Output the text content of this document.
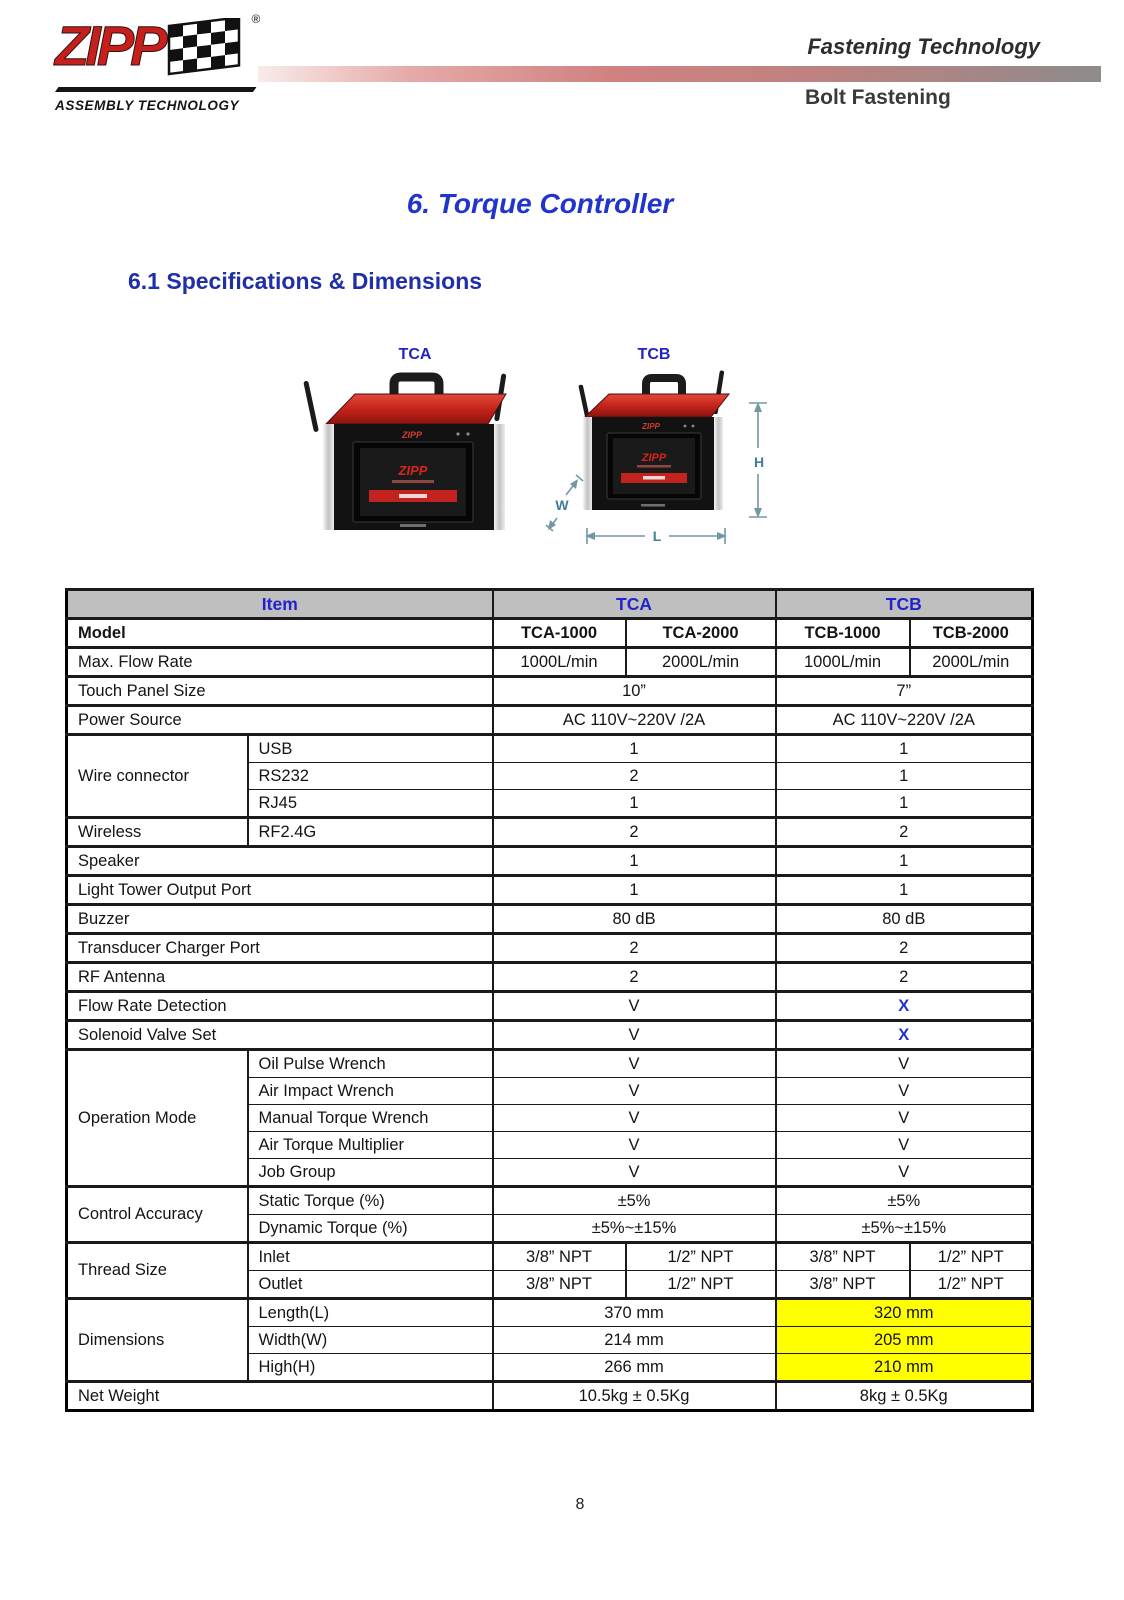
ZIPP	®
ASSEMBLY TECHNOLOGY
Fastening Technology
Bolt Fastening
6. Torque Controller
6.1 Specifications & Dimensions
TCA	TCB
ZIPP
ZIPP
ZIPP
ZIPP	H
W
L
Item		TCA		TCB	
Model		TCA-1000	TCA-2000	TCB-1000	TCB-2000
Max. Flow Rate		1000L/min	2000L/min	1000L/min	2000L/min
Touch Panel Size		10”		7”	
Power Source		AC 110V~220V /2A		AC 110V~220V /2A	
Wire connector	USB	1		1	
	RS232	2		1	
	RJ45	1		1	
Wireless	RF2.4G	2		2	
Speaker		1		1	
Light Tower Output Port		1		1	
Buzzer		80 dB		80 dB	
Transducer Charger Port		2		2	
RF Antenna		2		2	
Flow Rate Detection		V		X	
Solenoid Valve Set		V		X	
Operation Mode	Oil Pulse Wrench	V		V	
	Air Impact Wrench	V		V	
	Manual Torque Wrench	V		V	
	Air Torque Multiplier	V		V	
	Job Group	V		V	
Control Accuracy	Static Torque (%)	±5%		±5%	
	Dynamic Torque (%)	±5%~±15%		±5%~±15%	
Thread Size	Inlet	3/8” NPT	1/2” NPT	3/8” NPT	1/2” NPT
	Outlet	3/8” NPT	1/2” NPT	3/8” NPT	1/2” NPT
Dimensions	Length(L)	370 mm		320 mm	
	Width(W)	214 mm		205 mm	
	High(H)	266 mm		210 mm	
Net Weight		10.5kg ± 0.5Kg		8kg ± 0.5Kg	
8
